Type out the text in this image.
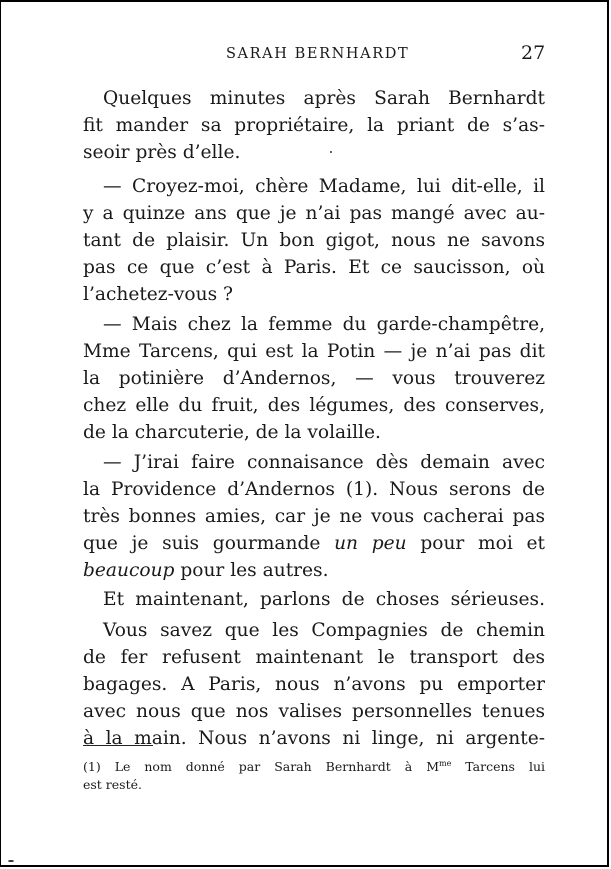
SARAH BERNHARDT	27
Quelques minutes après Sarah Bernhardt
fit mander sa propriétaire, la priant de s’as-
seoir près d’elle.
— Croyez-moi, chère Madame, lui dit-elle, il
y a quinze ans que je n’ai pas mangé avec au-
tant de plaisir. Un bon gigot, nous ne savons
pas ce que c’est à Paris. Et ce saucisson, où
l’achetez-vous ?
— Mais chez la femme du garde-champêtre,
Mme Tarcens, qui est la Potin — je n’ai pas dit
la potinière d’Andernos, — vous trouverez
chez elle du fruit, des légumes, des conserves,
de la charcuterie, de la volaille.
— J’irai faire connaisance dès demain avec
la Providence d’Andernos (1). Nous serons de
très bonnes amies, car je ne vous cacherai pas
que je suis gourmande un peu pour moi et
beaucoup pour les autres.
Et maintenant, parlons de choses sérieuses.
Vous savez que les Compagnies de chemin
de fer refusent maintenant le transport des
bagages. A Paris, nous n’avons pu emporter
avec nous que nos valises personnelles tenues
à la main. Nous n’avons ni linge, ni argente-
(1) Le nom donné par Sarah Bernhardt à $M^{me}$ Tarcens lui
est resté.
